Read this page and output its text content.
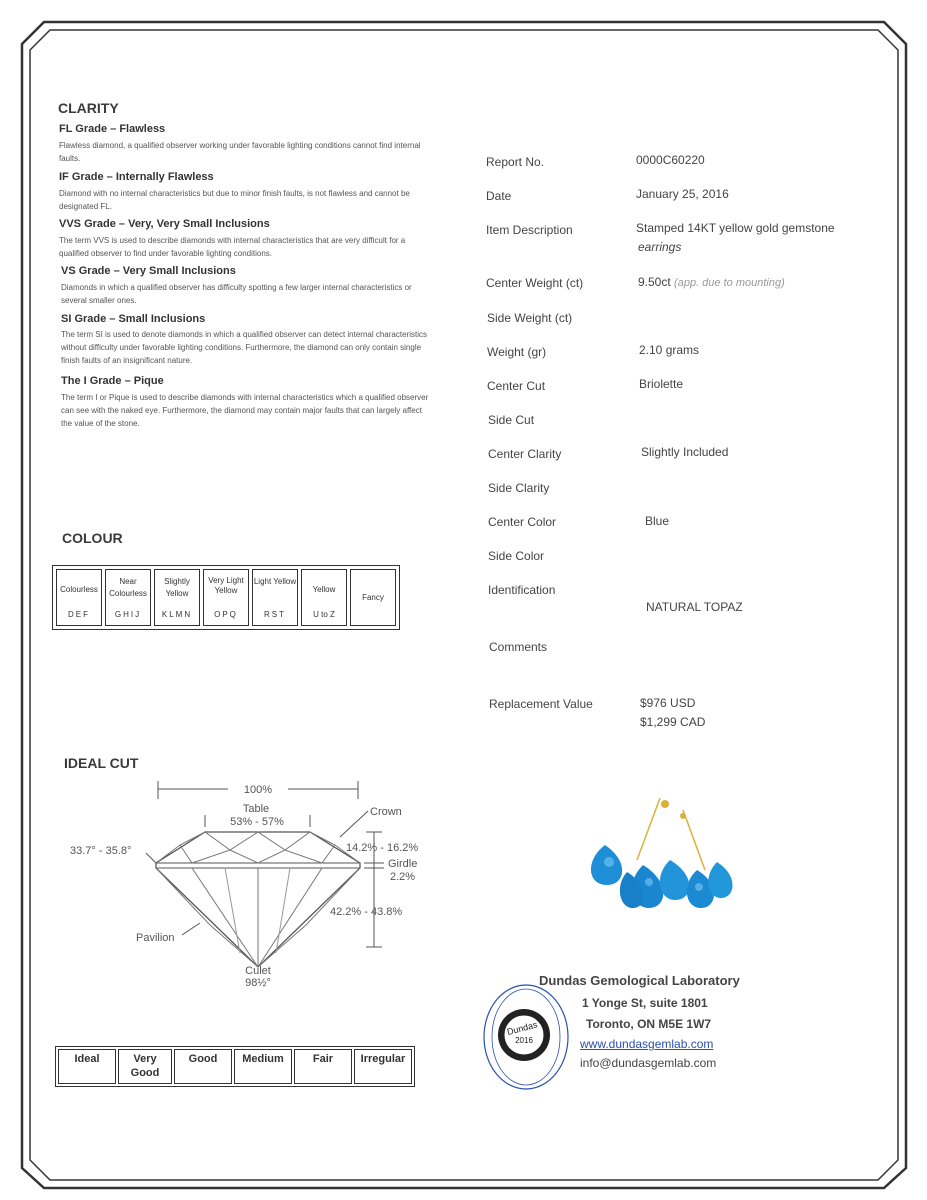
CLARITY
FL Grade – Flawless
Flawless diamond, a qualified observer working under favorable lighting conditions cannot find internal faults.
IF Grade – Internally Flawless
Diamond with no internal characteristics but due to minor finish faults, is not flawless and cannot be designated FL.
VVS Grade – Very, Very Small Inclusions
The term VVS is used to describe diamonds with internal characteristics that are very difficult for a qualified observer to find under favorable lighting conditions.
VS Grade – Very Small Inclusions
Diamonds in which a qualified observer has difficulty spotting a few larger internal characteristics or several smaller ones.
SI Grade – Small Inclusions
The term SI is used to denote diamonds in which a qualified observer can detect internal characteristics without difficulty under favorable lighting conditions. Furthermore, the diamond can only contain single finish faults of an insignificant nature.
The I Grade – Pique
The term I or Pique is used to describe diamonds with internal characteristics which a qualified observer can see with the naked eye. Furthermore, the diamond may contain major faults that can largely affect the value of the stone.
COLOUR
Colourless
DEF

Near Colourless
GHIJ

Slightly Yellow
KLMN

Very Light Yellow
OPQ

Light Yellow
RST

Yellow
U to Z

Fancy
IDEAL CUT
100%
Table
53% - 57%
Crown
33.7° - 35.8°	14.2% - 16.2%
Girdle
2.2%
42.2% - 43.8%
Pavilion
Culet
98½°
Ideal	Very Good	Good	Medium	Fair	Irregular
Report No.	0000C60220
Date	January 25, 2016
Item Description	Stamped 14KT yellow gold gemstone
earrings
Center Weight (ct)	9.50ct (app. due to mounting)
Side Weight (ct)
Weight (gr)	2.10 grams
Center Cut	Briolette
Side Cut
Center Clarity	Slightly Included
Side Clarity
Center Color	Blue
Side Color
Identification
NATURAL TOPAZ
Comments
Replacement Value	$976 USD
$1,299 CAD
Dundas
2016
Dundas Gemological Laboratory
1 Yonge St, suite 1801
Toronto, ON M5E 1W7
www.dundasgemlab.com
info@dundasgemlab.com
